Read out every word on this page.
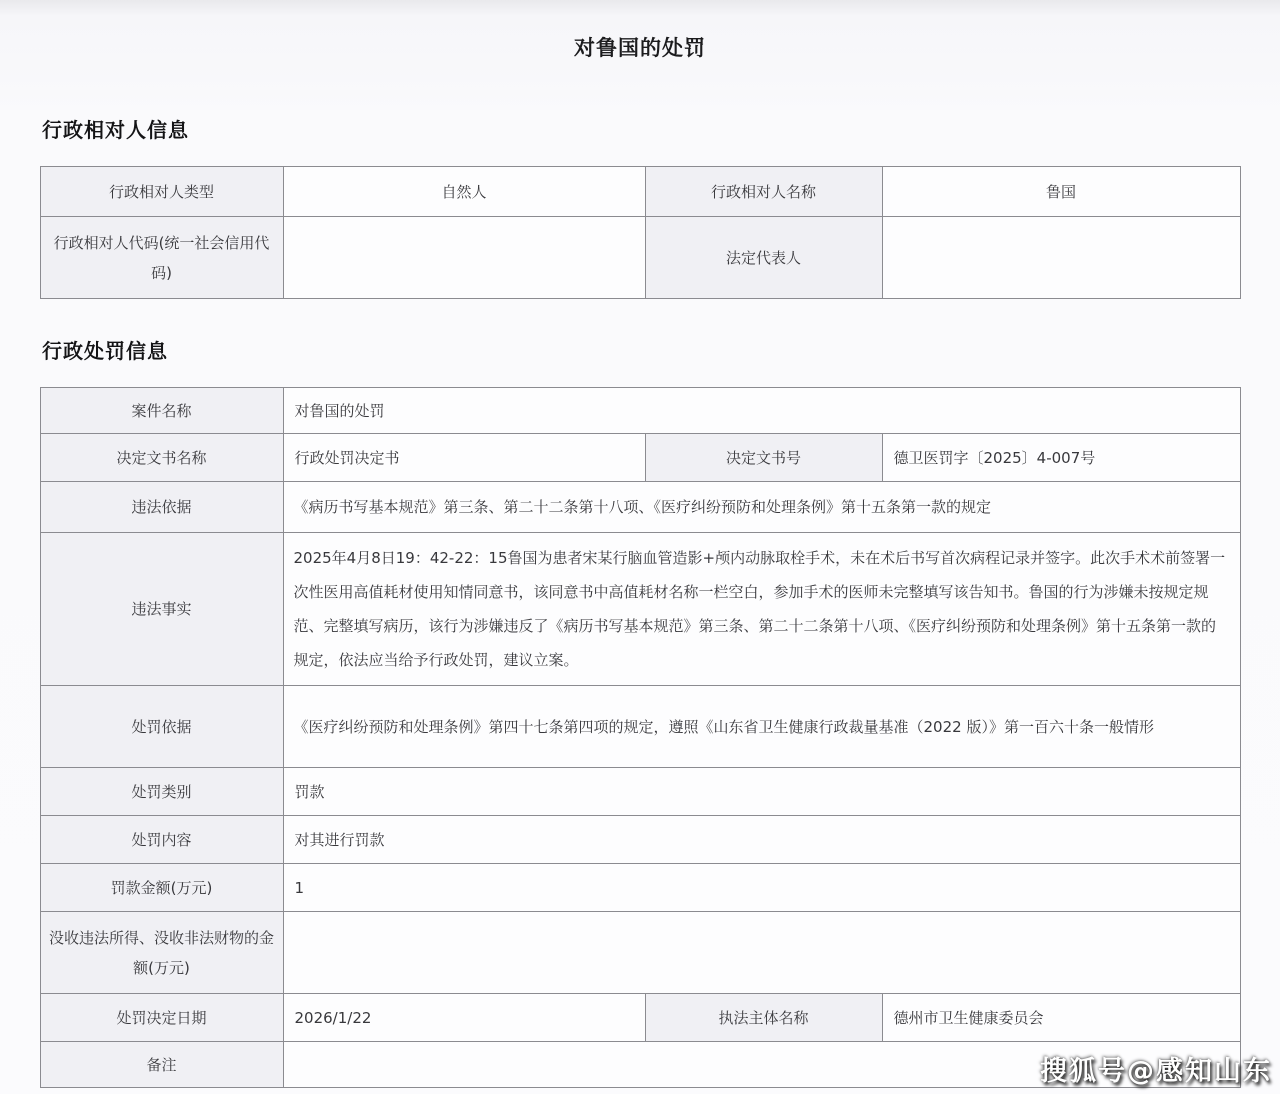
对鲁国的处罚
行政相对人信息
行政相对人类型	自然人	行政相对人名称	鲁国
行政相对人代码(统一社会信用代码)		法定代表人	
行政处罚信息
案件名称	对鲁国的处罚		
决定文书名称	行政处罚决定书	决定文书号	德卫医罚字〔2025〕4-007号
违法依据	《病历书写基本规范》第三条、第二十二条第十八项、《医疗纠纷预防和处理条例》第十五条第一款的规定		
违法事实	2025年4月8日19：42-22：15鲁国为患者宋某行脑血管造影+颅内动脉取栓手术，未在术后书写首次病程记录并签字。此次手术术前签署一次性医用高值耗材使用知情同意书，该同意书中高值耗材名称一栏空白，参加手术的医师未完整填写该告知书。鲁国的行为涉嫌未按规定规范、完整填写病历，该行为涉嫌违反了《病历书写基本规范》第三条、第二十二条第十八项、《医疗纠纷预防和处理条例》第十五条第一款的规定，依法应当给予行政处罚，建议立案。		
处罚依据	《医疗纠纷预防和处理条例》第四十七条第四项的规定，遵照《山东省卫生健康行政裁量基准（2022 版）》第一百六十条一般情形		
处罚类别	罚款		
处罚内容	对其进行罚款		
罚款金额(万元)	1		
没收违法所得、没收非法财物的金额(万元)			
处罚决定日期	2026/1/22	执法主体名称	德州市卫生健康委员会
备注				搜狐号@感知山东
